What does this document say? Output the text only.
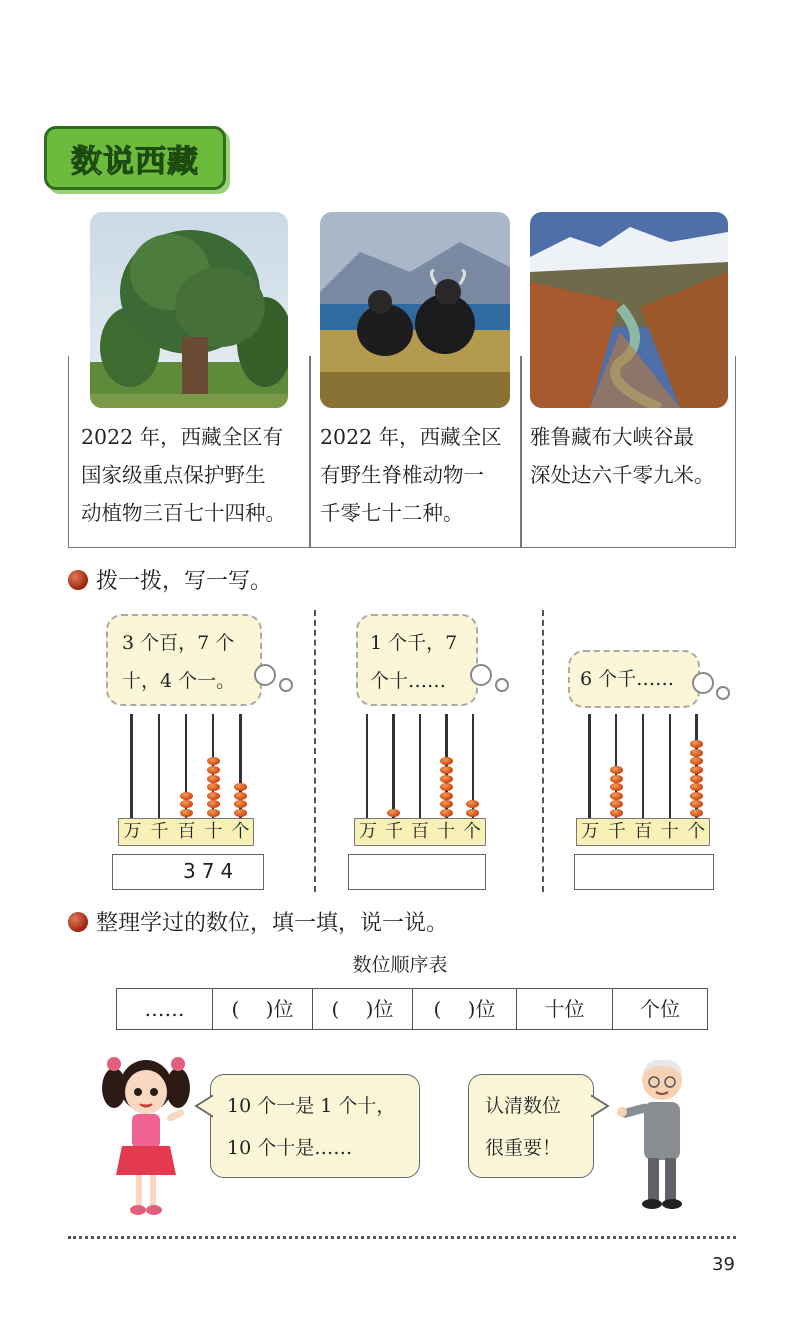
数说西藏
2022 年，西藏全区有
国家级重点保护野生
动植物三百七十四种。
2022 年，西藏全区
有野生脊椎动物一
千零七十二种。
雅鲁藏布大峡谷最
深处达六千零九米。
拨一拨，写一写。
3 个百，7 个
十，4 个一。
万 千 百 十 个
374
1 个千，7
个十……
万 千 百 十 个
6 个千……
万 千 百 十 个
整理学过的数位，填一填，说一说。
数位顺序表
……	(　 )位	(　 )位	(　 )位	十位	个位
10 个一是 1 个十，
10 个十是……
认清数位
很重要！
39
